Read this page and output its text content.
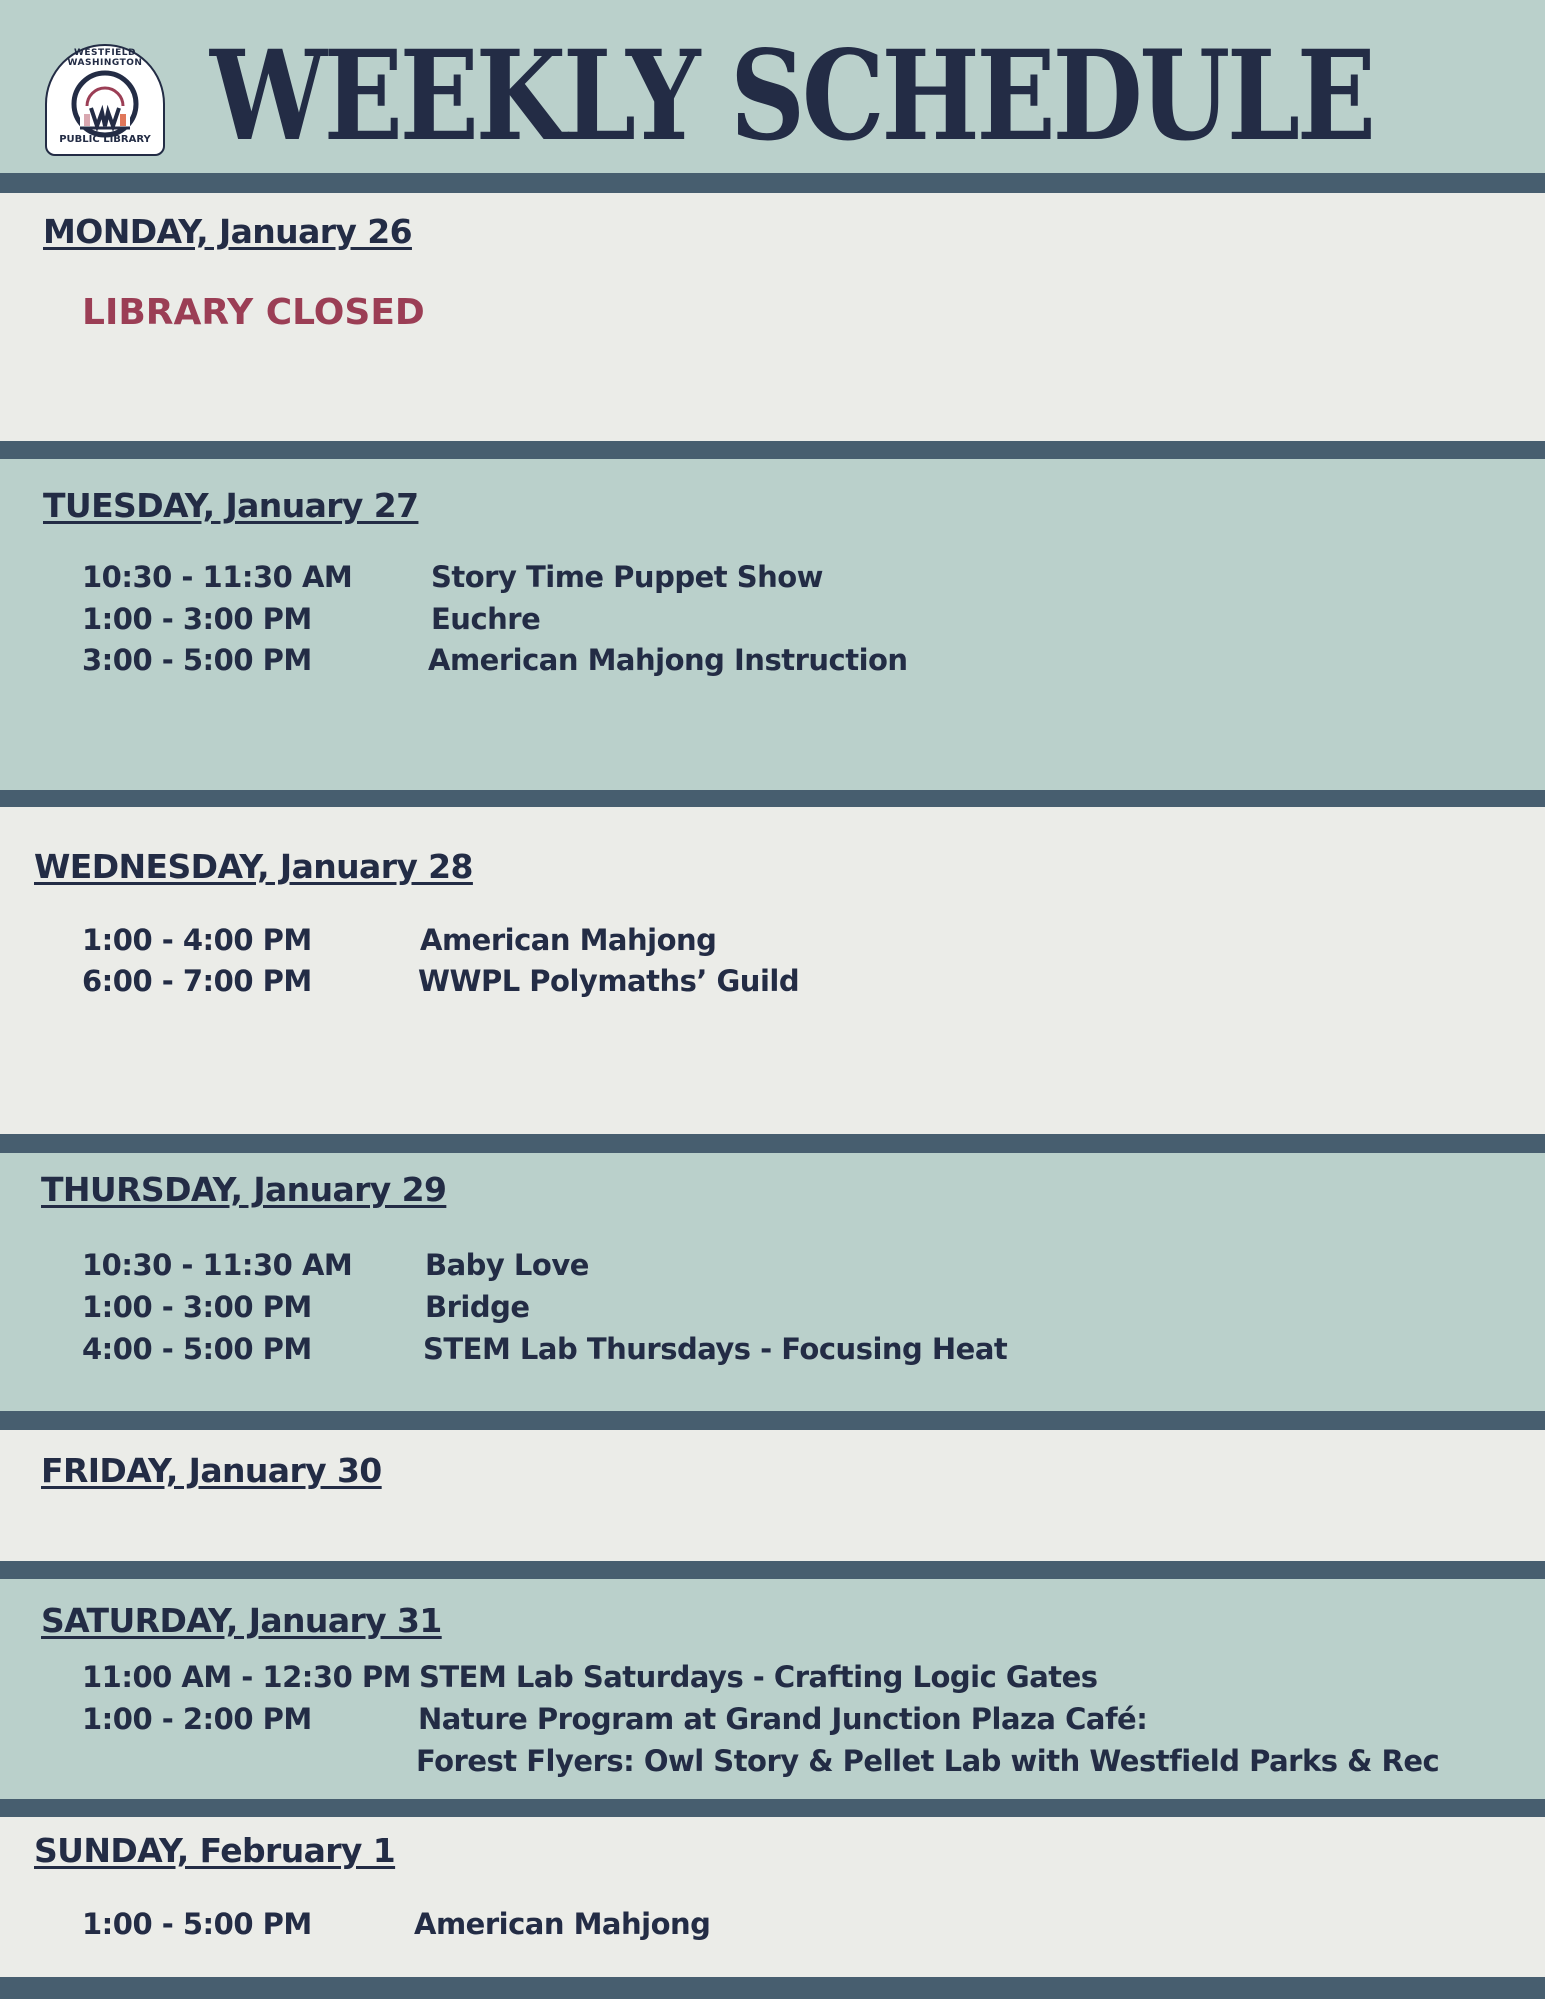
WESTFIELD WASHINGTON
PUBLIC LIBRARY WEEKLY SCHEDULE
MONDAY, January 26
LIBRARY CLOSED
TUESDAY, January 27
10:30 - 11:30 AM	Story Time Puppet Show
1:00 - 3:00 PM	Euchre
3:00 - 5:00 PM	American Mahjong Instruction
WEDNESDAY, January 28
1:00 - 4:00 PM	American Mahjong
6:00 - 7:00 PM	WWPL Polymaths’ Guild
THURSDAY, January 29
10:30 - 11:30 AM	Baby Love
1:00 - 3:00 PM	Bridge
4:00 - 5:00 PM	STEM Lab Thursdays - Focusing Heat
FRIDAY, January 30
SATURDAY, January 31
11:00 AM - 12:30 PM STEM Lab Saturdays - Crafting Logic Gates
1:00 - 2:00 PM	Nature Program at Grand Junction Plaza Café:
Forest Flyers: Owl Story & Pellet Lab with Westfield Parks & Rec
SUNDAY, February 1
1:00 - 5:00 PM	American Mahjong
